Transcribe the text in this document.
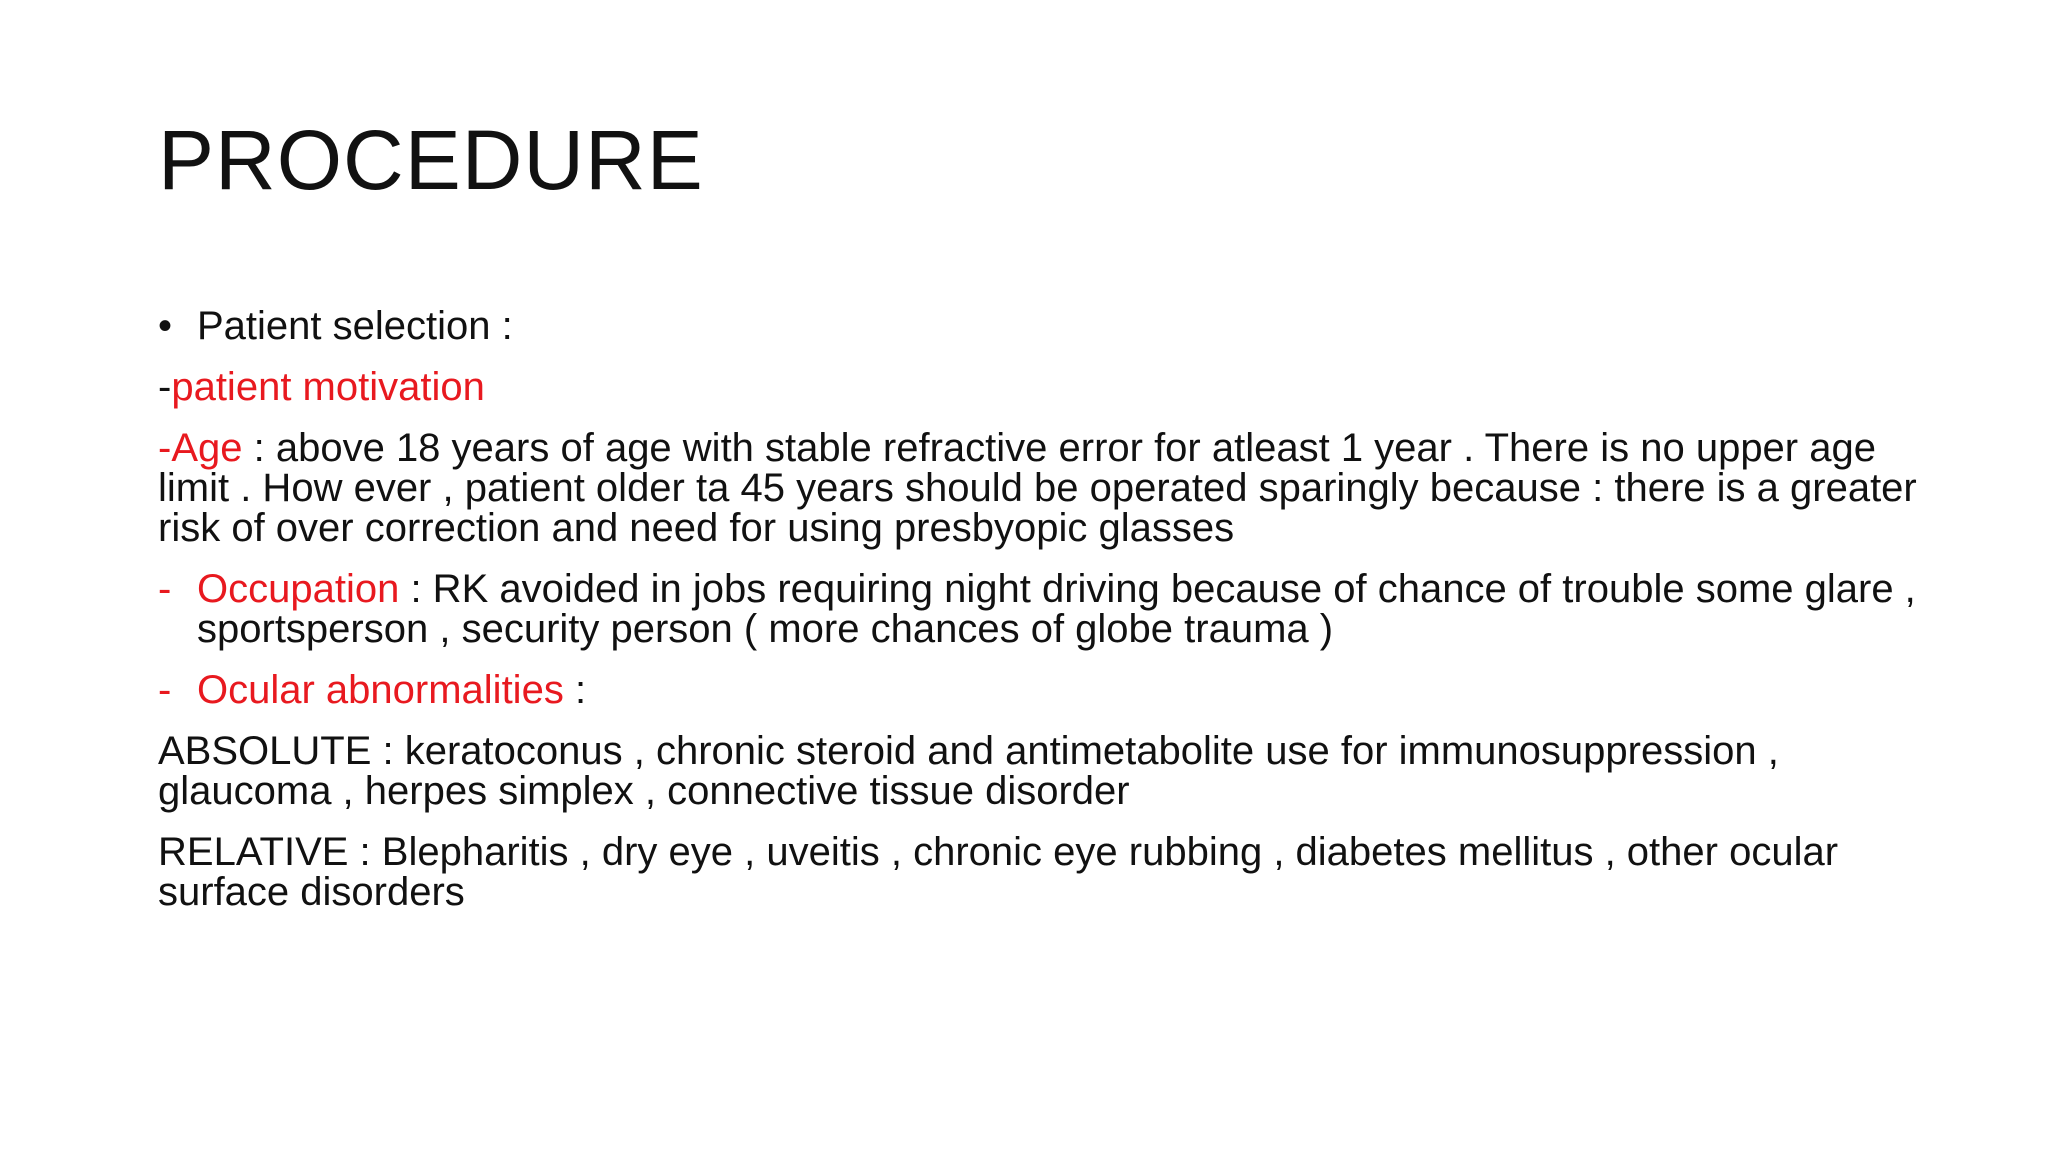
PROCEDURE
• Patient selection :
-patient motivation
-Age : above 18 years of age with stable refractive error for atleast 1 year . There is no upper age limit . How ever , patient older ta 45 years should be operated sparingly because : there is a greater risk of over correction and need for using presbyopic glasses
- Occupation : RK avoided in jobs requiring night driving because of chance of trouble some glare , sportsperson , security person ( more chances of globe trauma )
- Ocular abnormalities :
ABSOLUTE : keratoconus , chronic steroid and antimetabolite use for immunosuppression , glaucoma , herpes simplex , connective tissue disorder
RELATIVE : Blepharitis , dry eye , uveitis , chronic eye rubbing , diabetes mellitus , other ocular surface disorders
